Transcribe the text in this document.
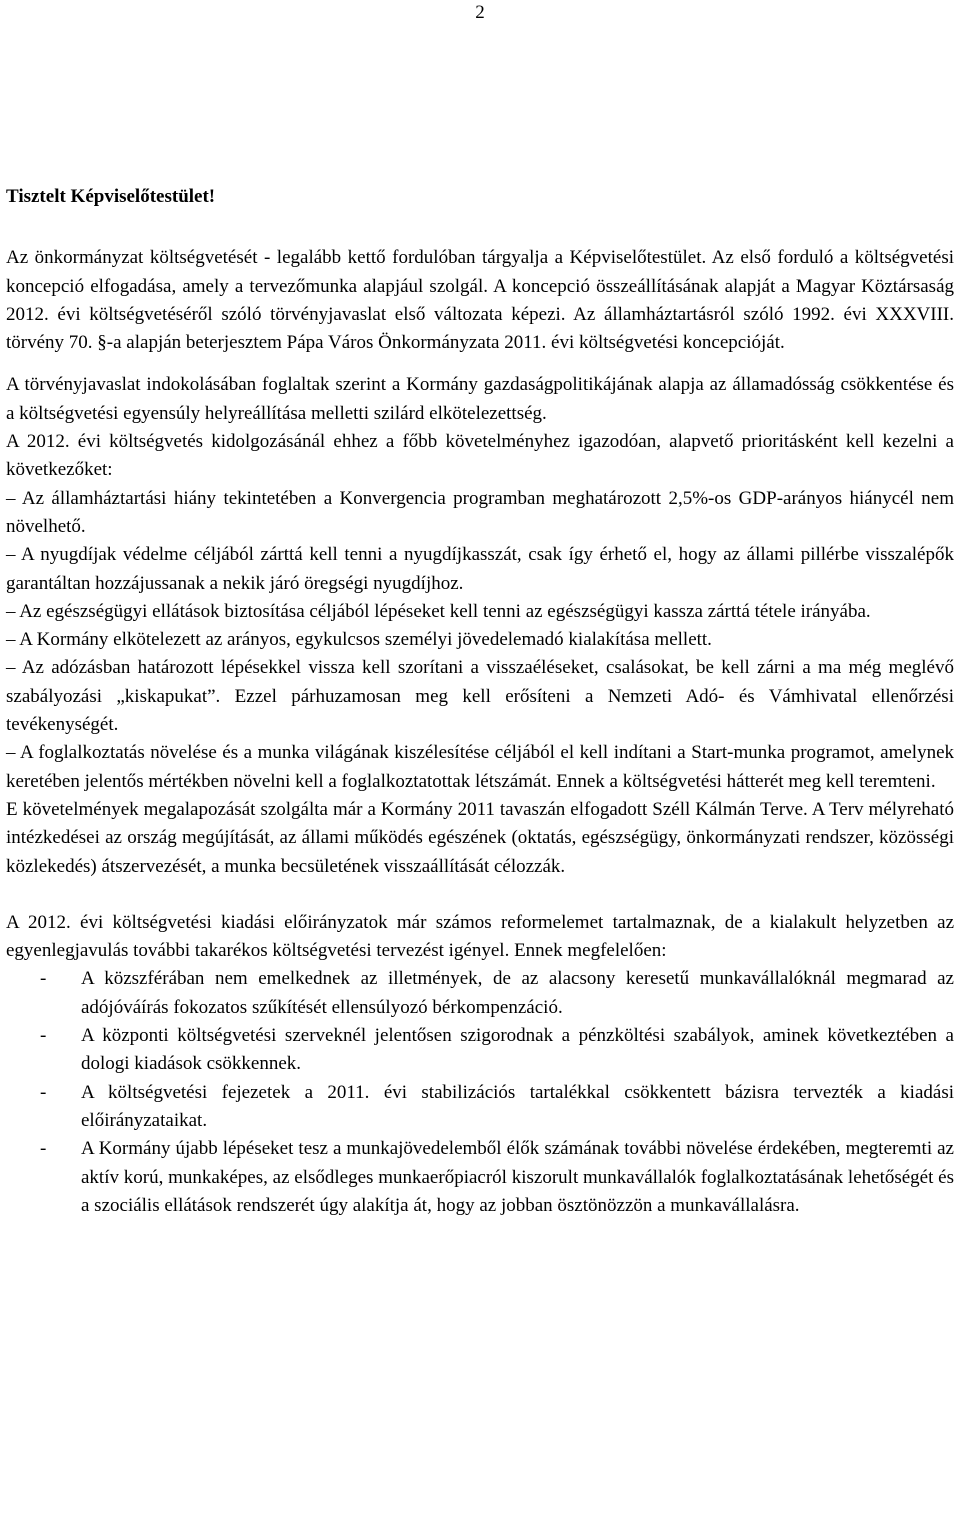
2
Tisztelt Képviselőtestület!

Az önkormányzat költségvetését - legalább kettő fordulóban tárgyalja a Képviselőtestület. Az első forduló a költségvetési koncepció elfogadása, amely a tervezőmunka alapjául szolgál. A koncepció összeállításának alapját a Magyar Köztársaság 2012. évi költségvetéséről szóló törvényjavaslat első változata képezi. Az államháztartásról szóló 1992. évi XXXVIII. törvény 70. §-a alapján beterjesztem Pápa Város Önkormányzata 2011. évi költségvetési koncepcióját.

A törvényjavaslat indokolásában foglaltak szerint a Kormány gazdaságpolitikájának alapja az államadósság csökkentése és a költségvetési egyensúly helyreállítása melletti szilárd elkötelezettség.

A 2012. évi költségvetés kidolgozásánál ehhez a főbb követelményhez igazodóan, alapvető prioritásként kell kezelni a következőket:

– Az államháztartási hiány tekintetében a Konvergencia programban meghatározott 2,5%-os GDP-arányos hiánycél nem növelhető.

– A nyugdíjak védelme céljából zárttá kell tenni a nyugdíjkasszát, csak így érhető el, hogy az állami pillérbe visszalépők garantáltan hozzájussanak a nekik járó öregségi nyugdíjhoz.

– Az egészségügyi ellátások biztosítása céljából lépéseket kell tenni az egészségügyi kassza zárttá tétele irányába.

– A Kormány elkötelezett az arányos, egykulcsos személyi jövedelemadó kialakítása mellett.

– Az adózásban határozott lépésekkel vissza kell szorítani a visszaéléseket, csalásokat, be kell zárni a ma még meglévő szabályozási „kiskapukat”. Ezzel párhuzamosan meg kell erősíteni a Nemzeti Adó- és Vámhivatal ellenőrzési tevékenységét.

– A foglalkoztatás növelése és a munka világának kiszélesítése céljából el kell indítani a Start-munka programot, amelynek keretében jelentős mértékben növelni kell a foglalkoztatottak létszámát. Ennek a költségvetési hátterét meg kell teremteni.

E követelmények megalapozását szolgálta már a Kormány 2011 tavaszán elfogadott Széll Kálmán Terve. A Terv mélyreható intézkedései az ország megújítását, az állami működés egészének (oktatás, egészségügy, önkormányzati rendszer, közösségi közlekedés) átszervezését, a munka becsületének visszaállítását célozzák.

A 2012. évi költségvetési kiadási előirányzatok már számos reformelemet tartalmaznak, de a kialakult helyzetben az egyenlegjavulás további takarékos költségvetési tervezést igényel. Ennek megfelelően:

- A közszférában nem emelkednek az illetmények, de az alacsony keresetű munkavállalóknál megmarad az adójóváírás fokozatos szűkítését ellensúlyozó bérkompenzáció.
- A központi költségvetési szerveknél jelentősen szigorodnak a pénzköltési szabályok, aminek következtében a dologi kiadások csökkennek.
- A költségvetési fejezetek a 2011. évi stabilizációs tartalékkal csökkentett bázisra tervezték a kiadási előirányzataikat.
- A Kormány újabb lépéseket tesz a munkajövedelemből élők számának további növelése érdekében, megteremti az aktív korú, munkaképes, az elsődleges munkaerőpiacról kiszorult munkavállalók foglalkoztatásának lehetőségét és a szociális ellátások rendszerét úgy alakítja át, hogy az jobban ösztönözzön a munkavállalásra.
